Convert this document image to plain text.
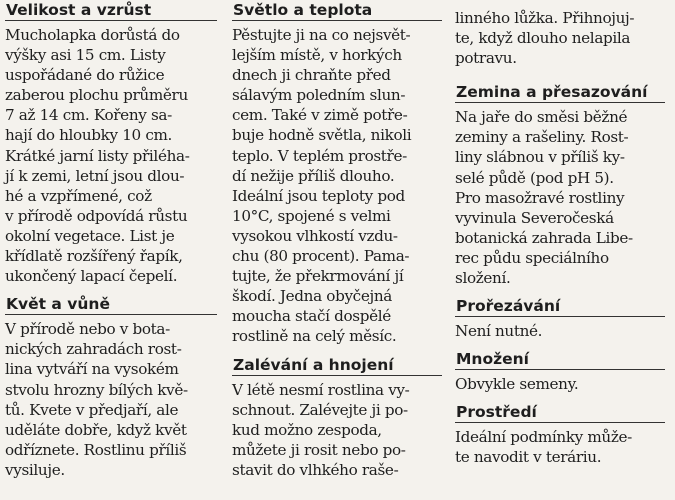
Velikost a vzrůst
Mucholapka dorůstá do
výšky asi 15 cm. Listy
uspořádané do růžice
zaberou plochu průměru
7 až 14 cm. Kořeny sa-
hají do hloubky 10 cm.
Krátké jarní listy přiléha-
jí k zemi, letní jsou dlou-
hé a vzpřímené, což
v přírodě odpovídá růstu
okolní vegetace. List je
křídlatě rozšířený řapík,
ukončený lapací čepelí.
Květ a vůně
V přírodě nebo v bota-
nických zahradách rost-
lina vytváří na vysokém
stvolu hrozny bílých kvě-
tů. Kvete v předjaří, ale
uděláte dobře, když květ
odříznete. Rostlinu příliš
vysiluje.
Světlo a teplota
Pěstujte ji na co nejsvět-
lejším místě, v horkých
dnech ji chraňte před
sálavým poledním slun-
cem. Také v zimě potře-
buje hodně světla, nikoli
teplo. V teplém prostře-
dí nežije příliš dlouho.
Ideální jsou teploty pod
10°C, spojené s velmi
vysokou vlhkostí vzdu-
chu (80 procent). Pama-
tujte, že překrmování jí
škodí. Jedna obyčejná
moucha stačí dospělé
rostlině na celý měsíc.
Zalévání a hnojení
V létě nesmí rostlina vy-
schnout. Zalévejte ji po-
kud možno zespoda,
můžete ji rosit nebo po-
stavit do vlhkého raše-
linného lůžka. Přihnojuj-
te, když dlouho nelapila
potravu.
Zemina a přesazování
Na jaře do směsi běžné
zeminy a rašeliny. Rost-
liny slábnou v příliš ky-
selé půdě (pod pH 5).
Pro masožravé rostliny
vyvinula Severočeská
botanická zahrada Libe-
rec půdu speciálního
složení.
Prořezávání
Není nutné.
Množení
Obvykle semeny.
Prostředí
Ideální podmínky může-
te navodit v teráriu.
